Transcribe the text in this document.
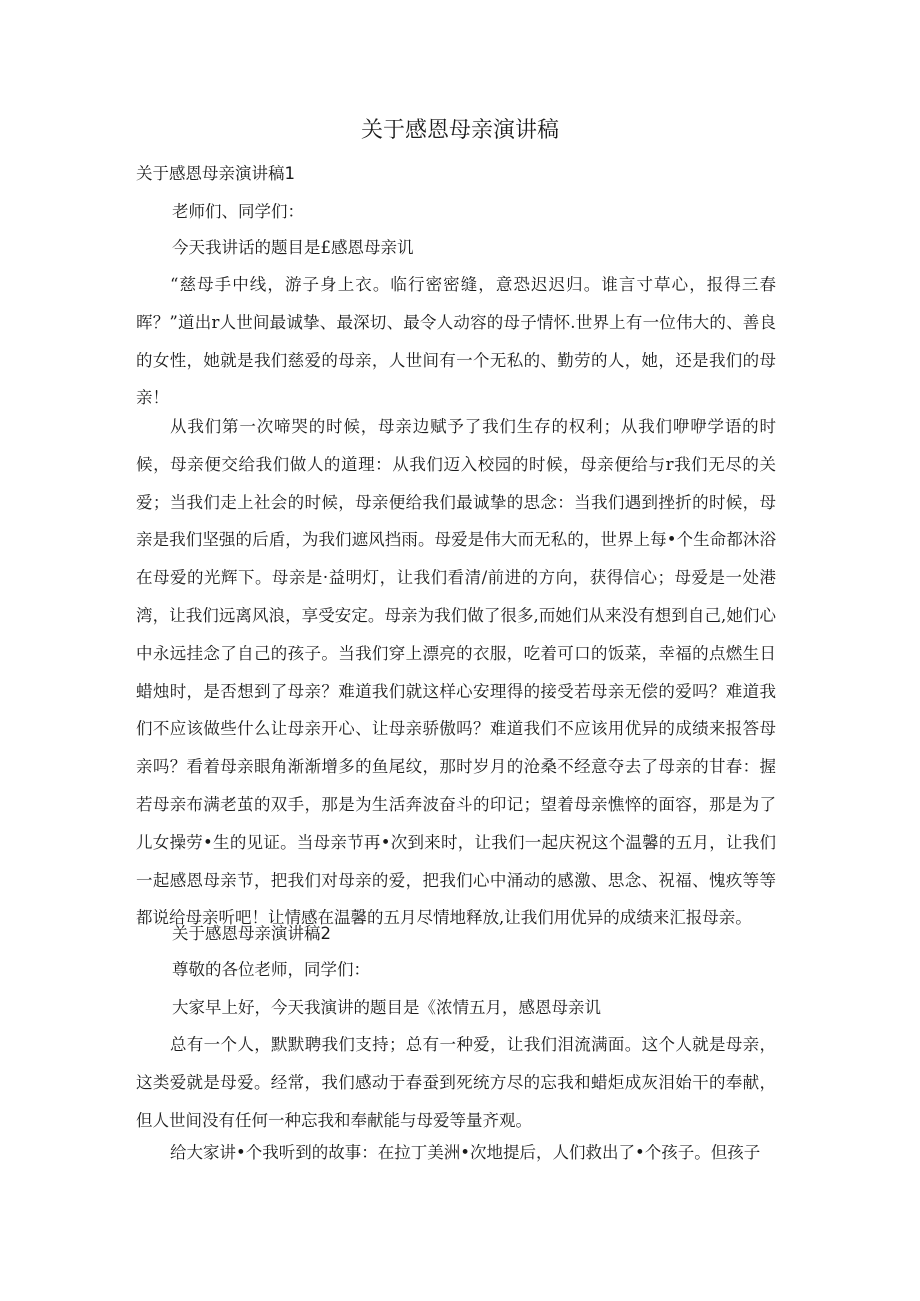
关于感恩母亲演讲稿

关于感恩母亲演讲稿1

老师们、同学们：

今天我讲话的题目是£感恩母亲讥

“慈母手中线，游子身上衣。临行密密缝，意恐迟迟归。谁言寸草心，报得三春晖？”道出r人世间最诚挚、最深切、最令人动容的母子情怀.世界上有一位伟大的、善良的女性，她就是我们慈爱的母亲，人世间有一个无私的、勤劳的人，她，还是我们的母亲！

从我们第一次啼哭的时候，母亲边赋予了我们生存的权利；从我们咿咿学语的时候，母亲便交给我们做人的道理：从我们迈入校园的时候，母亲便给与r我们无尽的关爱；当我们走上社会的时候，母亲便给我们最诚挚的思念：当我们遇到挫折的时候，母亲是我们坚强的后盾，为我们遮风挡雨。母爱是伟大而无私的，世界上每•个生命都沐浴在母爱的光辉下。母亲是·益明灯，让我们看清/前进的方向，获得信心；母爱是一处港湾，让我们远离风浪，享受安定。母亲为我们做了很多,而她们从来没有想到自己,她们心中永远挂念了自己的孩子。当我们穿上漂亮的衣服，吃着可口的饭菜，幸福的点燃生日蜡烛时，是否想到了母亲？难道我们就这样心安理得的接受若母亲无偿的爱吗？难道我们不应该做些什么让母亲开心、让母亲骄傲吗？难道我们不应该用优异的成绩来报答母亲吗？看着母亲眼角渐渐增多的鱼尾纹，那时岁月的沧桑不经意夺去了母亲的甘春：握若母亲布满老茧的双手，那是为生活奔波奋斗的印记；望着母亲憔悴的面容，那是为了儿女操劳•生的见证。当母亲节再•次到来时，让我们一起庆祝这个温馨的五月，让我们一起感恩母亲节，把我们对母亲的爱，把我们心中涌动的感激、思念、祝福、愧疚等等都说给母亲听吧！让情感在温馨的五月尽情地释放,让我们用优异的成绩来汇报母亲。

关于感恩母亲演讲稿2

尊敬的各位老师，同学们：

大家早上好，今天我演讲的题目是《浓情五月，感恩母亲讥

总有一个人，默默聘我们支持；总有一种爱，让我们泪流满面。这个人就是母亲，这类爱就是母爱。经常，我们感动于春蚕到死统方尽的忘我和蜡炬成灰泪始干的奉献，但人世间没有任何一种忘我和奉献能与母爱等量齐观。

给大家讲•个我听到的故事：在拉丁美洲•次地提后，人们救出了•个孩子。但孩子
